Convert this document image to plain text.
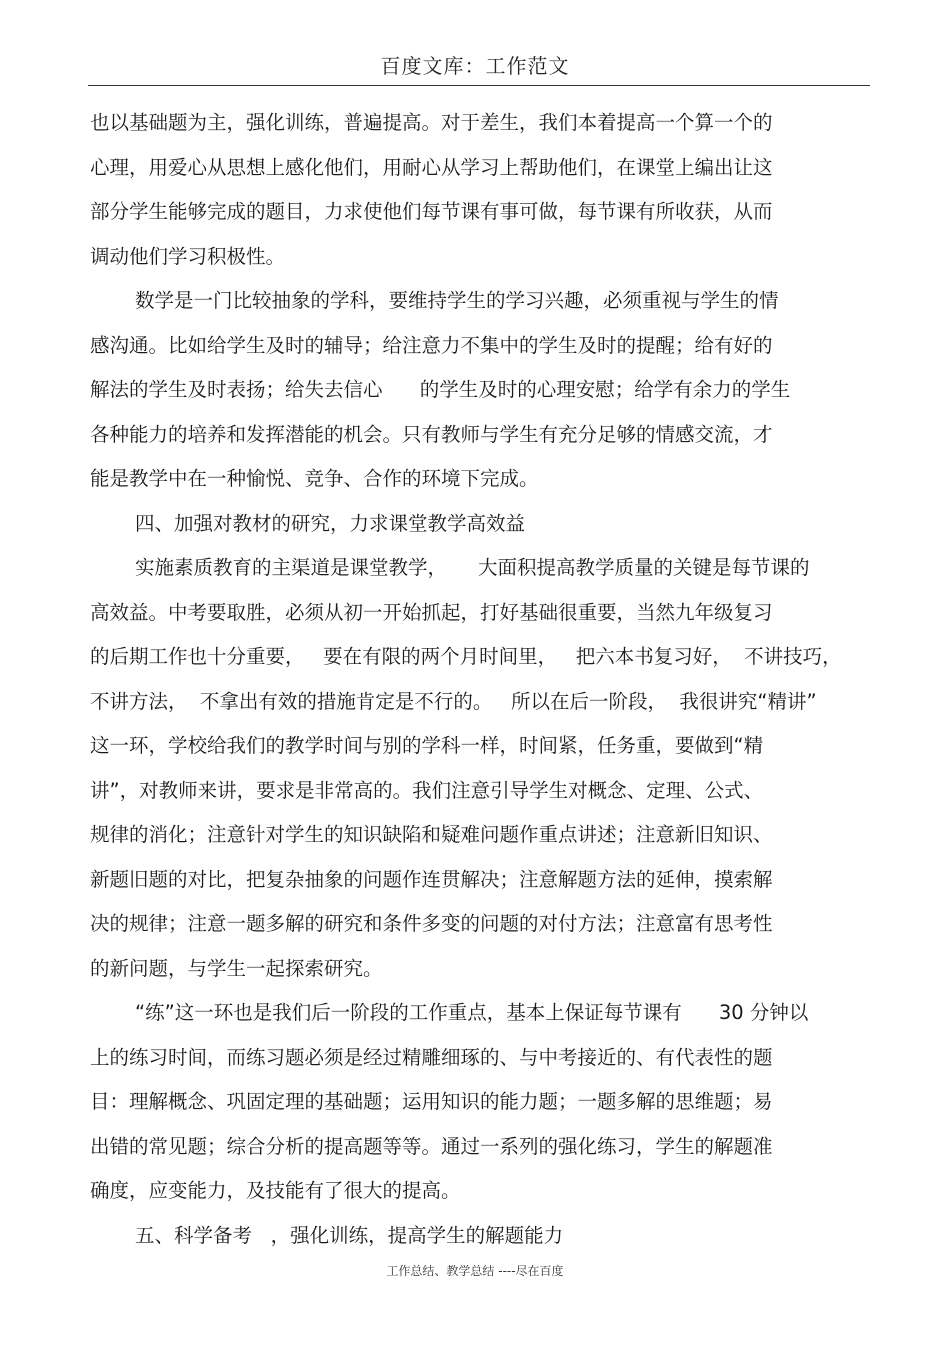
百度文库：工作范文
也以基础题为主，强化训练，普遍提高。对于差生，我们本着提高一个算一个的
心理，用爱心从思想上感化他们，用耐心从学习上帮助他们，在课堂上编出让这
部分学生能够完成的题目，力求使他们每节课有事可做，每节课有所收获，从而
调动他们学习积极性。
数学是一门比较抽象的学科，要维持学生的学习兴趣，必须重视与学生的情
感沟通。比如给学生及时的辅导；给注意力不集中的学生及时的提醒；给有好的
解法的学生及时表扬；给失去信心      的学生及时的心理安慰；给学有余力的学生
各种能力的培养和发挥潜能的机会。只有教师与学生有充分足够的情感交流，才
能是教学中在一种愉悦、竞争、合作的环境下完成。
四、加强对教材的研究，力求课堂教学高效益
实施素质教育的主渠道是课堂教学，     大面积提高教学质量的关键是每节课的
高效益。中考要取胜，必须从初一开始抓起，打好基础很重要，当然九年级复习
的后期工作也十分重要，   要在有限的两个月时间里，   把六本书复习好，  不讲技巧，
不讲方法，  不拿出有效的措施肯定是不行的。   所以在后一阶段，  我很讲究“精讲”
这一环，学校给我们的教学时间与别的学科一样，时间紧，任务重，要做到“精
讲”，对教师来讲，要求是非常高的。我们注意引导学生对概念、定理、公式、
规律的消化；注意针对学生的知识缺陷和疑难问题作重点讲述；注意新旧知识、
新题旧题的对比，把复杂抽象的问题作连贯解决；注意解题方法的延伸，摸索解
决的规律；注意一题多解的研究和条件多变的问题的对付方法；注意富有思考性
的新问题，与学生一起探索研究。
“练”这一环也是我们后一阶段的工作重点，基本上保证每节课有      30 分钟以
上的练习时间，而练习题必须是经过精雕细琢的、与中考接近的、有代表性的题
目：理解概念、巩固定理的基础题；运用知识的能力题；一题多解的思维题；易
出错的常见题；综合分析的提高题等等。通过一系列的强化练习，学生的解题准
确度，应变能力，及技能有了很大的提高。
五、科学备考   ，强化训练，提高学生的解题能力
工作总结、教学总结 ----尽在百度
